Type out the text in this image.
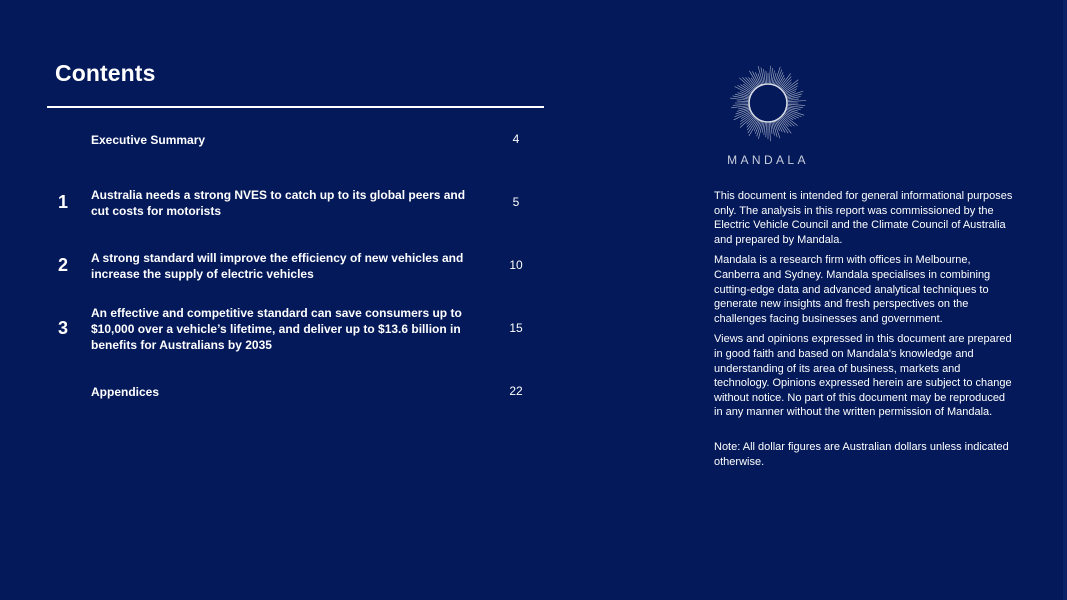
Contents
Executive Summary	4
1 Australia needs a strong NVES to catch up to its global peers and cut costs for motorists
5
2 A strong standard will improve the efficiency of new vehicles and increase the supply of electric vehicles
10
3
An effective and competitive standard can save consumers up to $10,000 over a vehicle’s lifetime, and deliver up to $13.6 billion in benefits for Australians by 2035
15
Appendices	22
MANDALA

This document is intended for general informational purposes only. The analysis in this report was commissioned by the Electric Vehicle Council and the Climate Council of Australia and prepared by Mandala.

Mandala is a research firm with offices in Melbourne, Canberra and Sydney. Mandala specialises in combining cutting-edge data and advanced analytical techniques to generate new insights and fresh perspectives on the challenges facing businesses and government.

Views and opinions expressed in this document are prepared in good faith and based on Mandala's knowledge and understanding of its area of business, markets and technology. Opinions expressed herein are subject to change without notice. No part of this document may be reproduced in any manner without the written permission of Mandala.

Note: All dollar figures are Australian dollars unless indicated otherwise.
